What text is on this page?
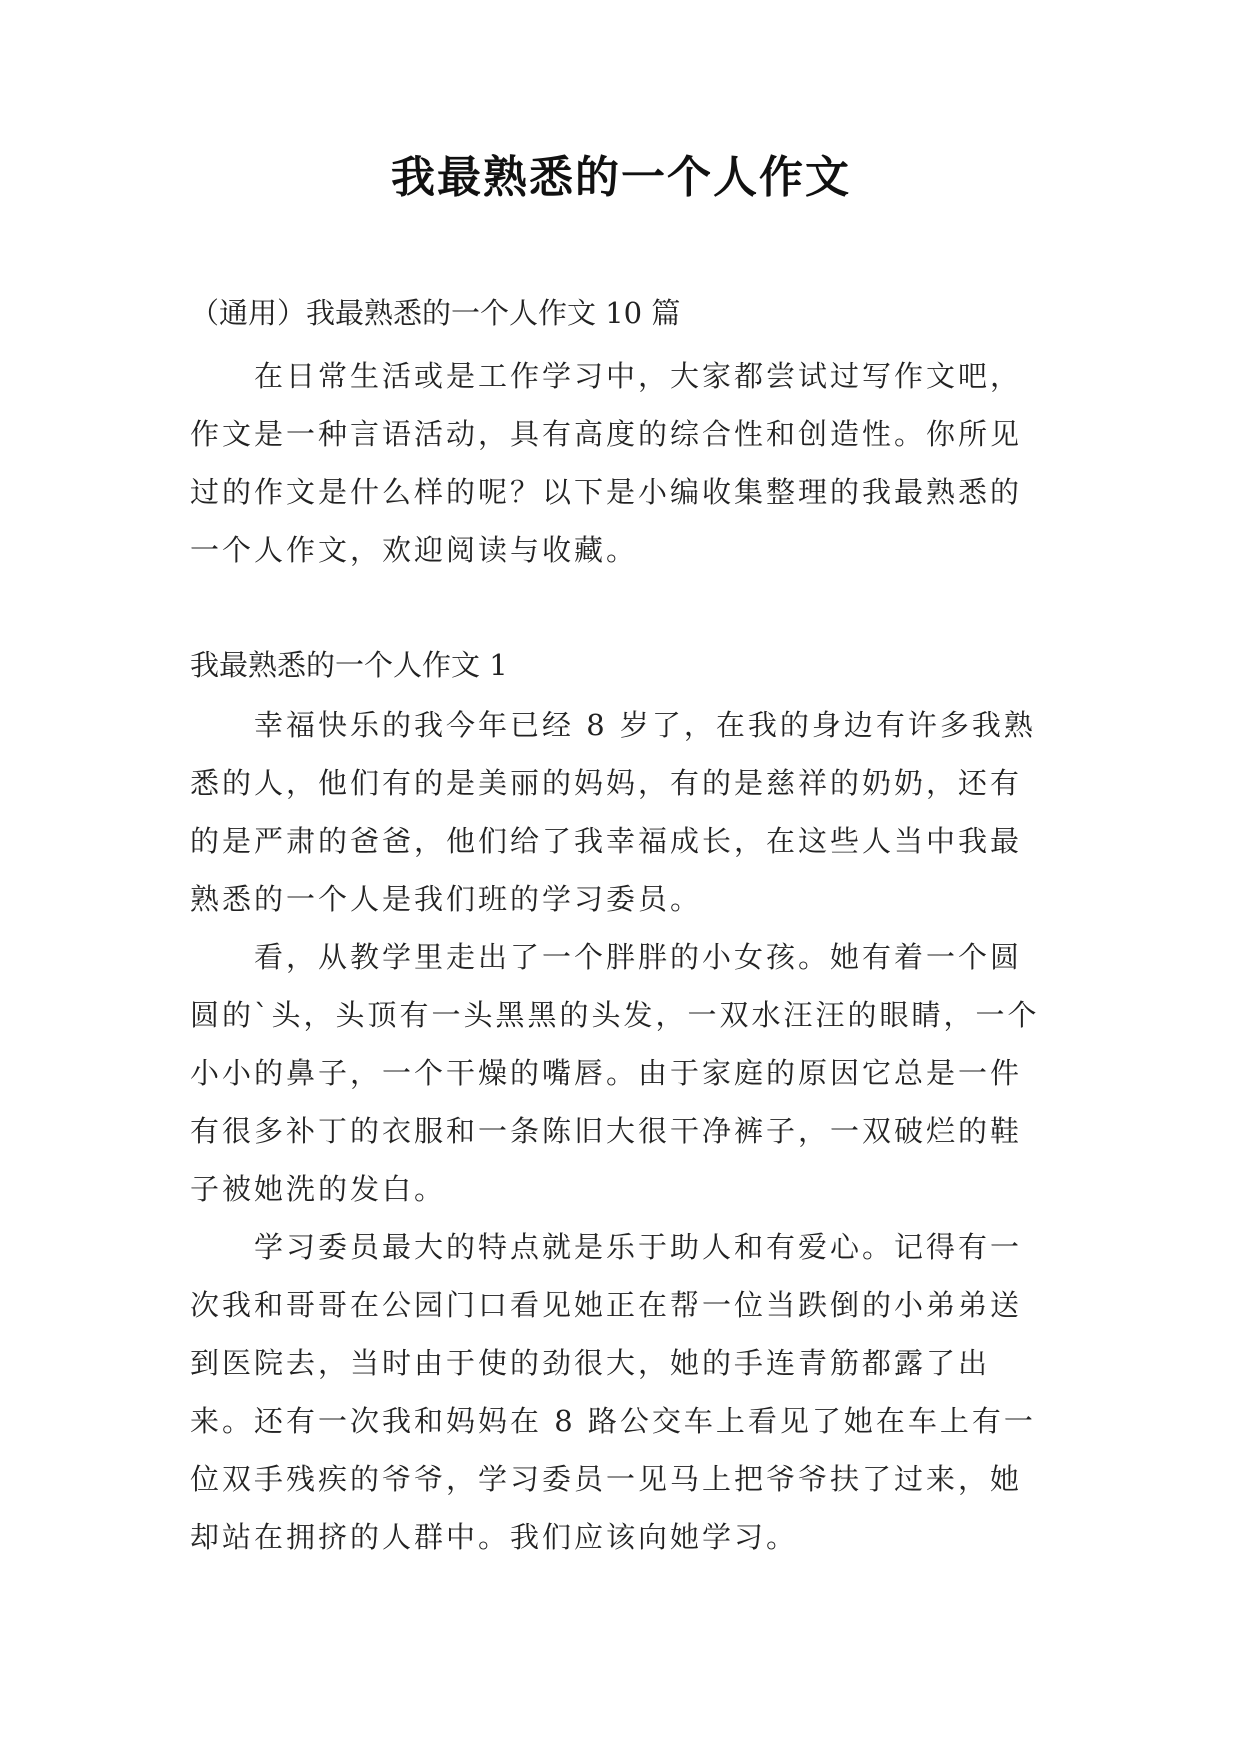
我最熟悉的一个人作文

（通用）我最熟悉的一个人作文 10 篇

在日常生活或是工作学习中，大家都尝试过写作文吧，作文是一种言语活动，具有高度的综合性和创造性。你所见过的作文是什么样的呢？以下是小编收集整理的我最熟悉的一个人作文，欢迎阅读与收藏。

我最熟悉的一个人作文 1

幸福快乐的我今年已经 8 岁了，在我的身边有许多我熟悉的人，他们有的是美丽的妈妈，有的是慈祥的奶奶，还有的是严肃的爸爸，他们给了我幸福成长，在这些人当中我最熟悉的一个人是我们班的学习委员。

看，从教学里走出了一个胖胖的小女孩。她有着一个圆圆的`头，头顶有一头黑黑的头发，一双水汪汪的眼睛，一个小小的鼻子，一个干燥的嘴唇。由于家庭的原因它总是一件有很多补丁的衣服和一条陈旧大很干净裤子，一双破烂的鞋子被她洗的发白。

学习委员最大的特点就是乐于助人和有爱心。记得有一次我和哥哥在公园门口看见她正在帮一位当跌倒的小弟弟送到医院去，当时由于使的劲很大，她的手连青筋都露了出来。还有一次我和妈妈在 8 路公交车上看见了她在车上有一位双手残疾的爷爷，学习委员一见马上把爷爷扶了过来，她却站在拥挤的人群中。我们应该向她学习。
